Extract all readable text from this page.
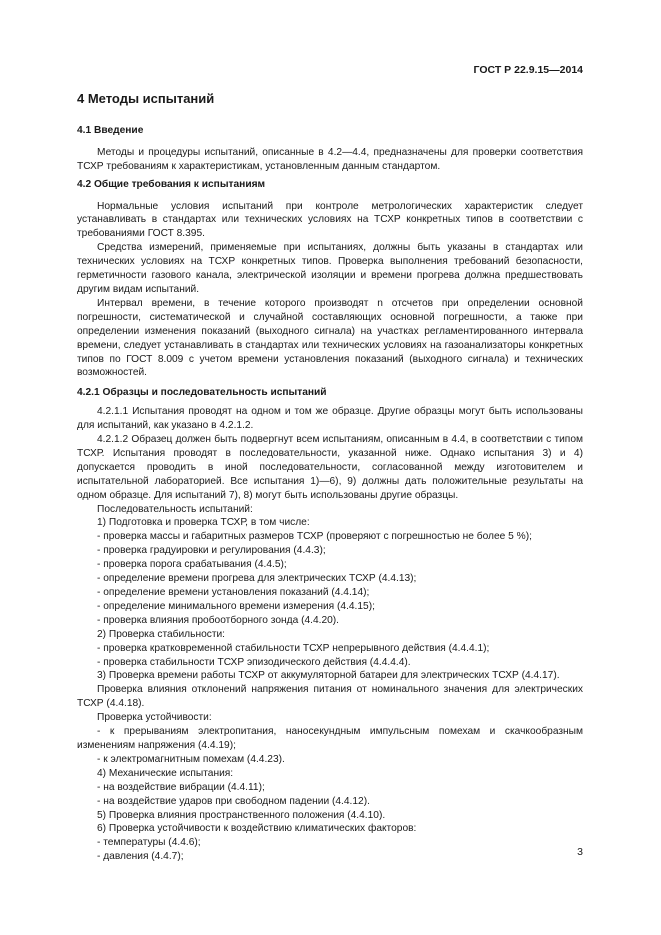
ГОСТ Р 22.9.15—2014
4 Методы испытаний
4.1 Введение
Методы и процедуры испытаний, описанные в 4.2—4.4, предназначены для проверки соответствия ТСХР требованиям к характеристикам, установленным данным стандартом.
4.2 Общие требования к испытаниям
Нормальные условия испытаний при контроле метрологических характеристик следует устанавливать в стандартах или технических условиях на ТСХР конкретных типов в соответствии с требованиями ГОСТ 8.395.
Средства измерений, применяемые при испытаниях, должны быть указаны в стандартах или технических условиях на ТСХР конкретных типов. Проверка выполнения требований безопасности, герметичности газового канала, электрической изоляции и времени прогрева должна предшествовать другим видам испытаний.
Интервал времени, в течение которого производят n отсчетов при определении основной погрешности, систематической и случайной составляющих основной погрешности, а также при определении изменения показаний (выходного сигнала) на участках регламентированного интервала времени, следует устанавливать в стандартах или технических условиях на газоанализаторы конкретных типов по ГОСТ 8.009 с учетом времени установления показаний (выходного сигнала) и технических возможностей.
4.2.1 Образцы и последовательность испытаний
4.2.1.1 Испытания проводят на одном и том же образце. Другие образцы могут быть использованы для испытаний, как указано в 4.2.1.2.
4.2.1.2 Образец должен быть подвергнут всем испытаниям, описанным в 4.4, в соответствии с типом ТСХР. Испытания проводят в последовательности, указанной ниже. Однако испытания 3) и 4) допускается проводить в иной последовательности, согласованной между изготовителем и испытательной лабораторией. Все испытания 1)—6), 9) должны дать положительные результаты на одном образце. Для испытаний 7), 8) могут быть использованы другие образцы.
Последовательность испытаний:
1) Подготовка и проверка ТСХР, в том числе:
- проверка массы и габаритных размеров ТСХР (проверяют с погрешностью не более 5 %);
- проверка градуировки и регулирования (4.4.3);
- проверка порога срабатывания (4.4.5);
- определение времени прогрева для электрических ТСХР (4.4.13);
- определение времени установления показаний (4.4.14);
- определение минимального времени измерения (4.4.15);
- проверка влияния пробоотборного зонда (4.4.20).
2) Проверка стабильности:
- проверка кратковременной стабильности ТСХР непрерывного действия (4.4.4.1);
- проверка стабильности ТСХР эпизодического действия (4.4.4.4).
3) Проверка времени работы ТСХР от аккумуляторной батареи для электрических ТСХР (4.4.17).
Проверка влияния отклонений напряжения питания от номинального значения для электрических ТСХР (4.4.18).
Проверка устойчивости:
- к прерываниям электропитания, наносекундным импульсным помехам и скачкообразным изменениям напряжения (4.4.19);
- к электромагнитным помехам (4.4.23).
4) Механические испытания:
- на воздействие вибрации (4.4.11);
- на воздействие ударов при свободном падении (4.4.12).
5) Проверка влияния пространственного положения (4.4.10).
6) Проверка устойчивости к воздействию климатических факторов:
- температуры (4.4.6);
- давления (4.4.7);	3
